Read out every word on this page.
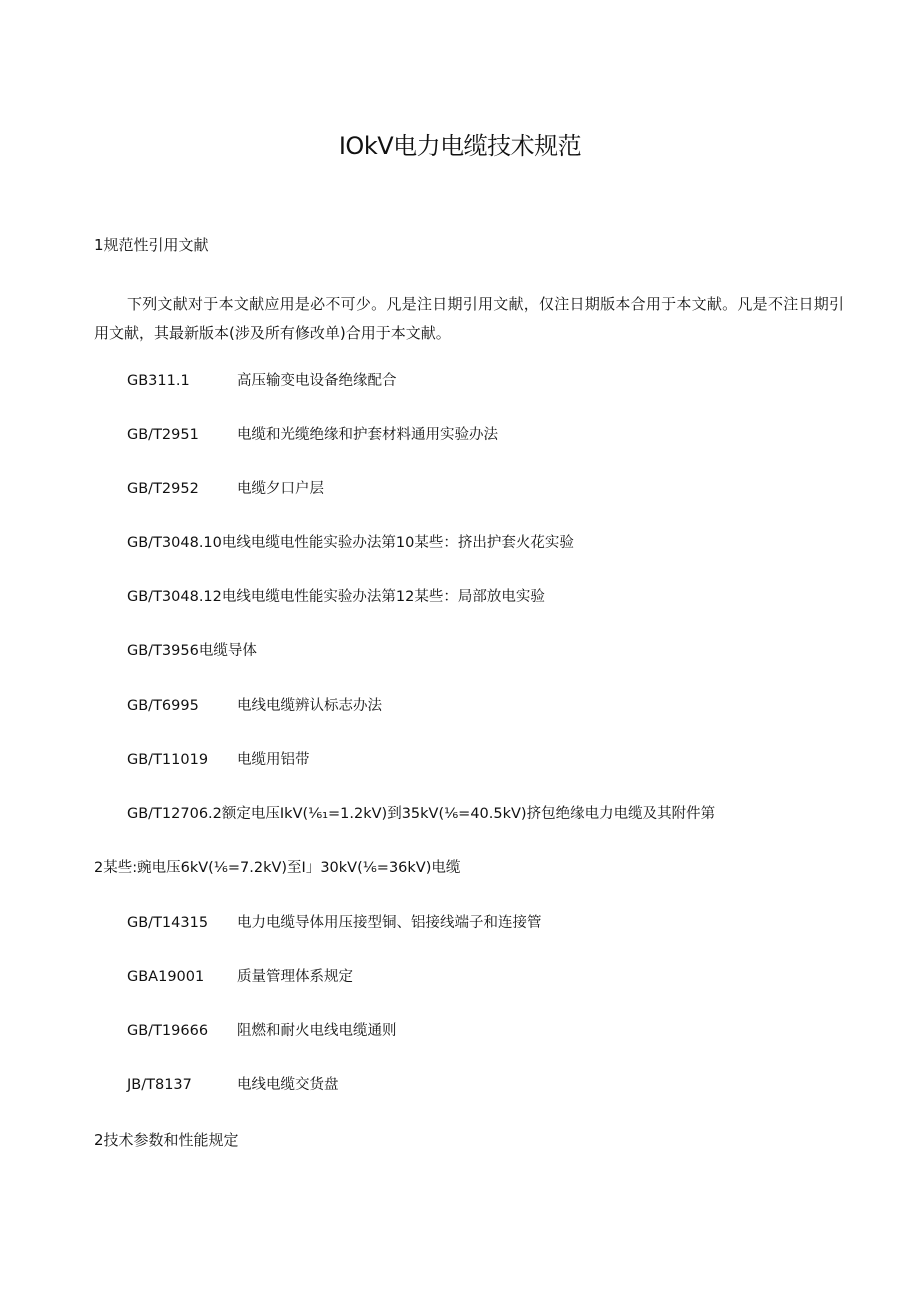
IOkV电力电缆技术规范
1规范性引用文献
下列文献对于本文献应用是必不可少。凡是注日期引用文献，仅注日期版本合用于本文献。凡是不注日期引用文献，其最新版本(涉及所有修改单)合用于本文献。
GB311.1	高压输变电设备绝缘配合
GB/T2951	电缆和光缆绝缘和护套材料通用实验办法
GB/T2952	电缆夕口户层
GB/T3048.10电线电缆电性能实验办法第10某些：挤出护套火花实验
GB/T3048.12电线电缆电性能实验办法第12某些：局部放电实验
GB/T3956电缆导体
GB/T6995	电线电缆辨认标志办法
GB/T11019 电缆用铝带
GB/T12706.2额定电压IkV(⅙₁=1.2kV)到35kV(⅙=40.5kV)挤包绝缘电力电缆及其附件第
2某些:豌电压6kV(⅙=7.2kV)至I」30kV(⅙=36kV)电缆
GB/T14315 电力电缆导体用压接型铜、铝接线端子和连接管
GBA19001 质量管理体系规定
GB/T19666 阻燃和耐火电线电缆通则
JB/T8137	电线电缆交货盘
2技术参数和性能规定
